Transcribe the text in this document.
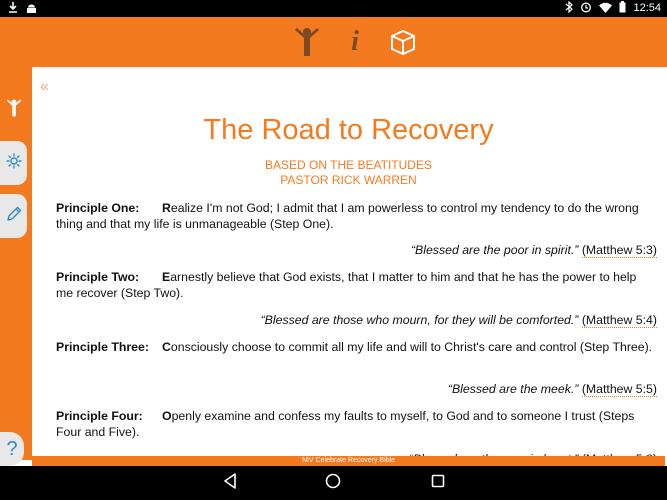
12:54
i
?
«
The Road to Recovery
BASED ON THE BEATITUDES
PASTOR RICK WARREN
Principle One: Realize I'm not God; I admit that I am powerless to control my tendency to do the wrong thing and that my life is unmanageable (Step One).
“Blessed are the poor in spirit.” (Matthew 5:3)
Principle Two: Earnestly believe that God exists, that I matter to him and that he has the power to help me recover (Step Two).
“Blessed are those who mourn, for they will be comforted.” (Matthew 5:4)
Principle Three: Consciously choose to commit all my life and will to Christ's care and control (Step Three).
“Blessed are the meek.” (Matthew 5:5)
Principle Four: Openly examine and confess my faults to myself, to God and to someone I trust (Steps Four and Five).
NIV Celebrate Recovery Bible
